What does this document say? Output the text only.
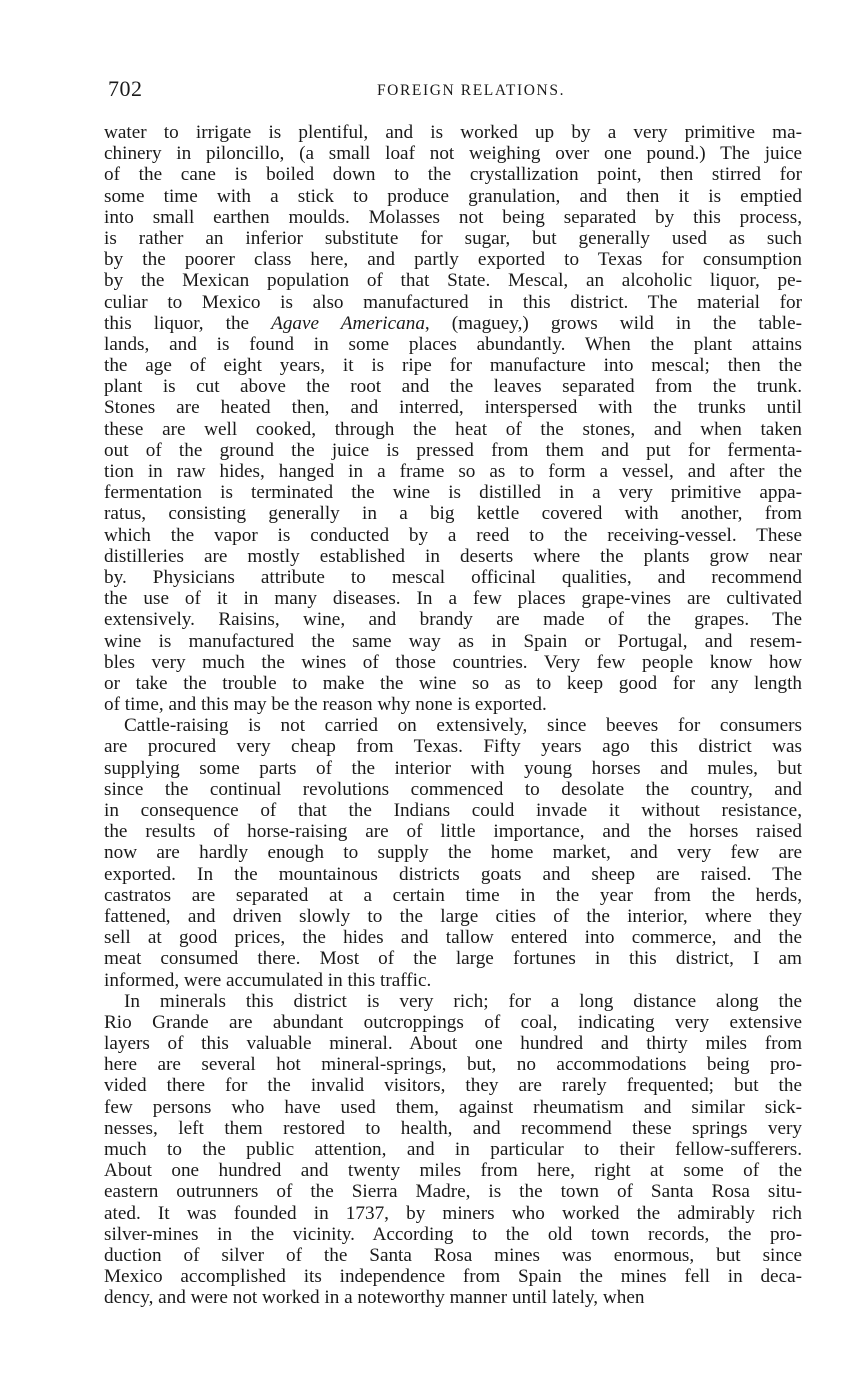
702	FOREIGN RELATIONS.
water to irrigate is plentiful, and is worked up by a very primitive ma-
chinery in piloncillo, (a small loaf not weighing over one pound.) The juice
of the cane is boiled down to the crystallization point, then stirred for
some time with a stick to produce granulation, and then it is emptied
into small earthen moulds. Molasses not being separated by this process,
is rather an inferior substitute for sugar, but generally used as such
by the poorer class here, and partly exported to Texas for consumption
by the Mexican population of that State. Mescal, an alcoholic liquor, pe-
culiar to Mexico is also manufactured in this district. The material for
this liquor, the Agave Americana, (maguey,) grows wild in the table-
lands, and is found in some places abundantly. When the plant attains
the age of eight years, it is ripe for manufacture into mescal; then the
plant is cut above the root and the leaves separated from the trunk.
Stones are heated then, and interred, interspersed with the trunks until
these are well cooked, through the heat of the stones, and when taken
out of the ground the juice is pressed from them and put for fermenta-
tion in raw hides, hanged in a frame so as to form a vessel, and after the
fermentation is terminated the wine is distilled in a very primitive appa-
ratus, consisting generally in a big kettle covered with another, from
which the vapor is conducted by a reed to the receiving-vessel. These
distilleries are mostly established in deserts where the plants grow near
by. Physicians attribute to mescal officinal qualities, and recommend
the use of it in many diseases. In a few places grape-vines are cultivated
extensively. Raisins, wine, and brandy are made of the grapes. The
wine is manufactured the same way as in Spain or Portugal, and resem-
bles very much the wines of those countries. Very few people know how
or take the trouble to make the wine so as to keep good for any length
of time, and this may be the reason why none is exported.
Cattle-raising is not carried on extensively, since beeves for consumers
are procured very cheap from Texas. Fifty years ago this district was
supplying some parts of the interior with young horses and mules, but
since the continual revolutions commenced to desolate the country, and
in consequence of that the Indians could invade it without resistance,
the results of horse-raising are of little importance, and the horses raised
now are hardly enough to supply the home market, and very few are
exported. In the mountainous districts goats and sheep are raised. The
castratos are separated at a certain time in the year from the herds,
fattened, and driven slowly to the large cities of the interior, where they
sell at good prices, the hides and tallow entered into commerce, and the
meat consumed there. Most of the large fortunes in this district, I am
informed, were accumulated in this traffic.
In minerals this district is very rich; for a long distance along the
Rio Grande are abundant outcroppings of coal, indicating very extensive
layers of this valuable mineral. About one hundred and thirty miles from
here are several hot mineral-springs, but, no accommodations being pro-
vided there for the invalid visitors, they are rarely frequented; but the
few persons who have used them, against rheumatism and similar sick-
nesses, left them restored to health, and recommend these springs very
much to the public attention, and in particular to their fellow-sufferers.
About one hundred and twenty miles from here, right at some of the
eastern outrunners of the Sierra Madre, is the town of Santa Rosa situ-
ated. It was founded in 1737, by miners who worked the admirably rich
silver-mines in the vicinity. According to the old town records, the pro-
duction of silver of the Santa Rosa mines was enormous, but since
Mexico accomplished its independence from Spain the mines fell in deca-
dency, and were not worked in a noteworthy manner until lately, when
